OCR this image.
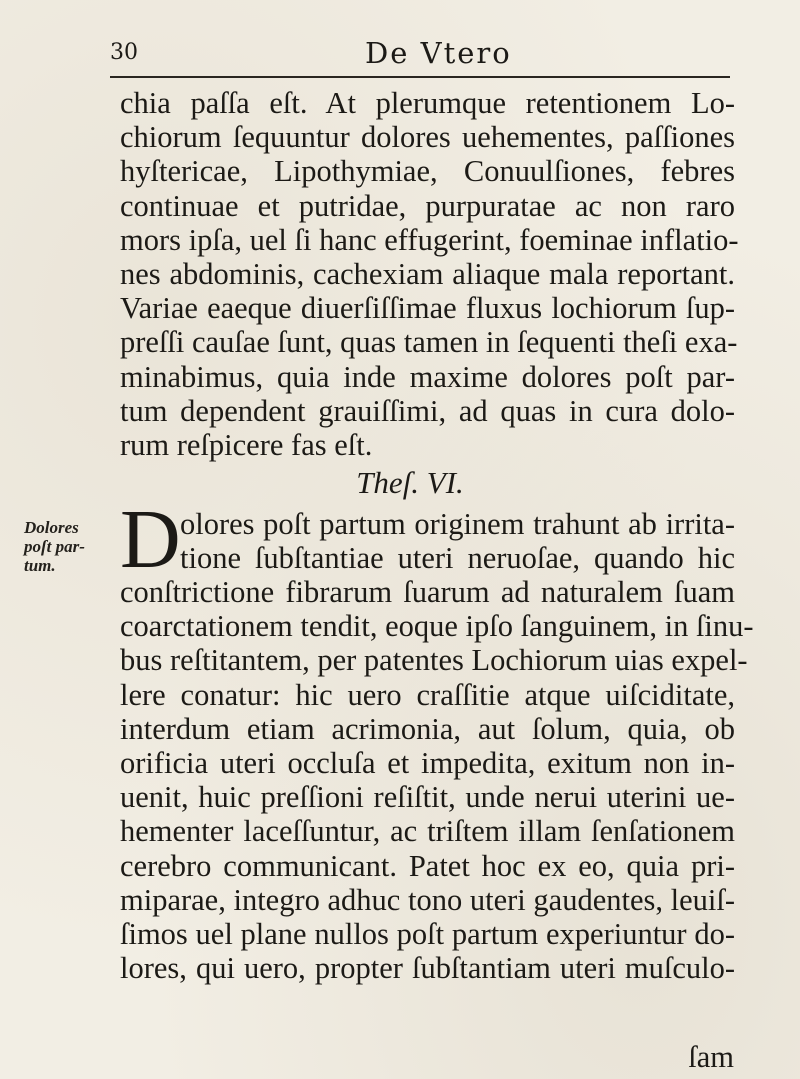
30	De Vtero
chia paſſa eſt. At plerumque retentionem Lo-
chiorum ſequuntur dolores uehementes, paſſiones
hyſtericae, Lipothymiae, Conuulſiones, febres
continuae et putridae, purpuratae ac non raro
mors ipſa, uel ſi hanc effugerint, foeminae inflatio-
nes abdominis, cachexiam aliaque mala reportant.
Variae eaeque diuerſiſſimae fluxus lochiorum ſup-
preſſi cauſae ſunt, quas tamen in ſequenti theſi exa-
minabimus, quia inde maxime dolores poſt par-
tum dependent grauiſſimi, ad quas in cura dolo-
rum reſpicere fas eſt.
Theſ. VI.
Dolores
poſt par-
tum. D olores poſt partum originem trahunt ab irrita-
tione ſubſtantiae uteri neruoſae, quando hic
conſtrictione fibrarum ſuarum ad naturalem ſuam
coarctationem tendit, eoque ipſo ſanguinem, in ſinu-
bus reſtitantem, per patentes Lochiorum uias expel-
lere conatur: hic uero craſſitie atque uiſciditate,
interdum etiam acrimonia, aut ſolum, quia, ob
orificia uteri occluſa et impedita, exitum non in-
uenit, huic preſſioni reſiſtit, unde nerui uterini ue-
hementer laceſſuntur, ac triſtem illam ſenſationem
cerebro communicant. Patet hoc ex eo, quia pri-
miparae, integro adhuc tono uteri gaudentes, leuiſ-
ſimos uel plane nullos poſt partum experiuntur do-
lores, qui uero, propter ſubſtantiam uteri muſculo-
ſam
